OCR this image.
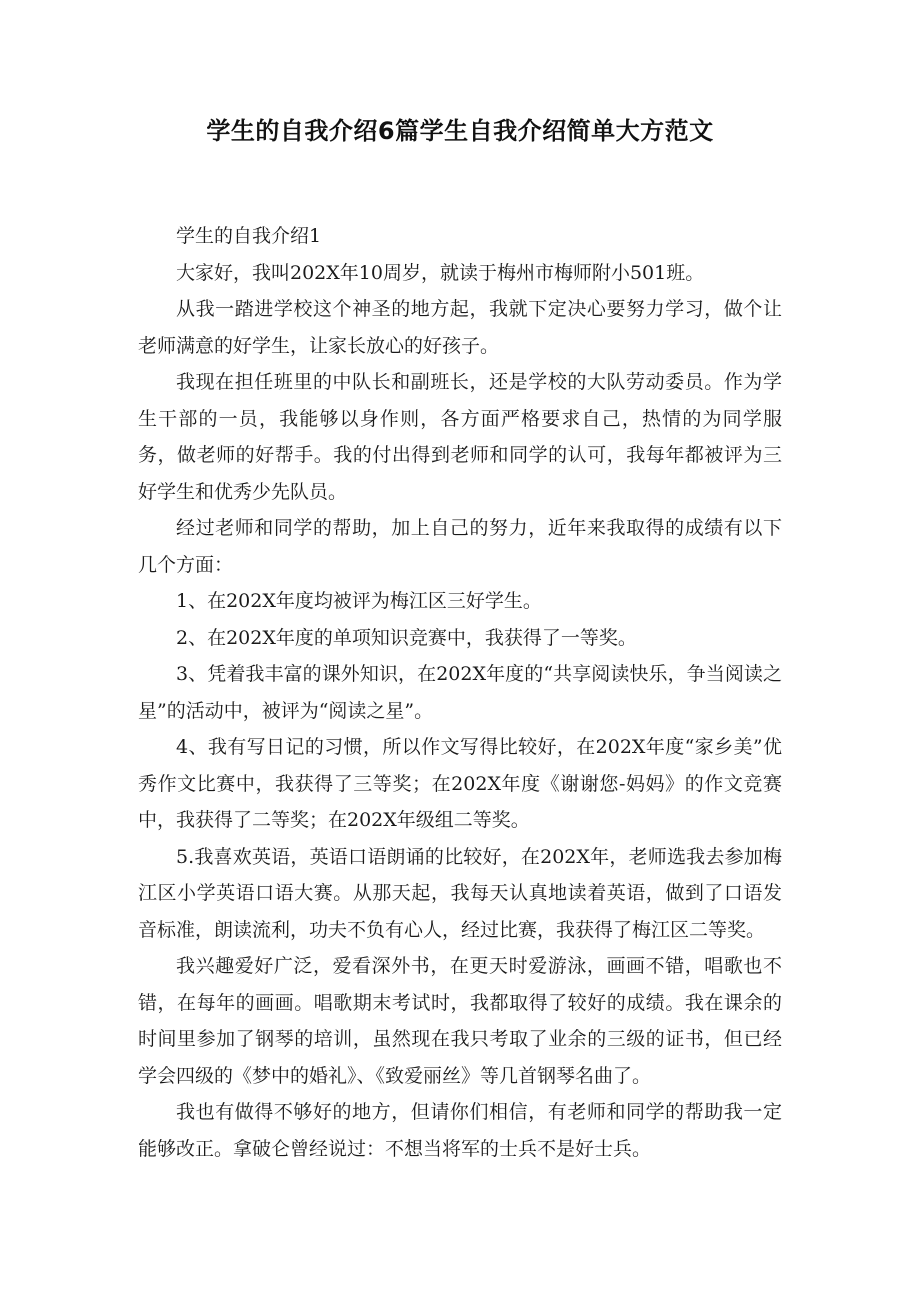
学生的自我介绍6篇学生自我介绍简单大方范文

学生的自我介绍1

大家好，我叫202X年10周岁，就读于梅州市梅师附小501班。

从我一踏进学校这个神圣的地方起，我就下定决心要努力学习，做个让老师满意的好学生，让家长放心的好孩子。

我现在担任班里的中队长和副班长，还是学校的大队劳动委员。作为学生干部的一员，我能够以身作则，各方面严格要求自己，热情的为同学服务，做老师的好帮手。我的付出得到老师和同学的认可，我每年都被评为三好学生和优秀少先队员。

经过老师和同学的帮助，加上自己的努力，近年来我取得的成绩有以下几个方面：

1、在202X年度均被评为梅江区三好学生。

2、在202X年度的单项知识竞赛中，我获得了一等奖。

3、凭着我丰富的课外知识，在202X年度的“共享阅读快乐，争当阅读之星”的活动中，被评为“阅读之星”。

4、我有写日记的习惯，所以作文写得比较好，在202X年度“家乡美”优秀作文比赛中，我获得了三等奖；在202X年度《谢谢您-妈妈》的作文竞赛中，我获得了二等奖；在202X年级组二等奖。

5.我喜欢英语，英语口语朗诵的比较好，在202X年，老师选我去参加梅江区小学英语口语大赛。从那天起，我每天认真地读着英语，做到了口语发音标准，朗读流利，功夫不负有心人，经过比赛，我获得了梅江区二等奖。

我兴趣爱好广泛，爱看深外书，在更天时爱游泳，画画不错，唱歌也不错，在每年的画画。唱歌期末考试时，我都取得了较好的成绩。我在课余的时间里参加了钢琴的培训，虽然现在我只考取了业余的三级的证书，但已经学会四级的《梦中的婚礼》、《致爱丽丝》等几首钢琴名曲了。

我也有做得不够好的地方，但请你们相信，有老师和同学的帮助我一定能够改正。拿破仑曾经说过：不想当将军的士兵不是好士兵。
